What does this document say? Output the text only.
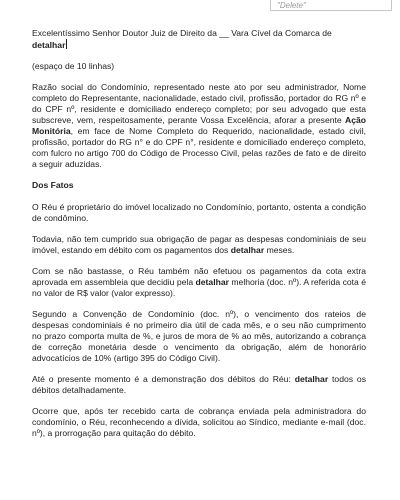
"Delete"

Excelentíssimo Senhor Doutor Juiz de Direito da __ Vara Cível da Comarca de detalhar

(espaço de 10 linhas)

Razão social do Condomínio, representado neste ato por seu administrador, Nome completo do Representante, nacionalidade, estado civil, profissão, portador do RG nº e do CPF nº, residente e domiciliado endereço completo; por seu advogado que esta subscreve, vem, respeitosamente, perante Vossa Excelência, aforar a presente Ação Monitória, em face de Nome Completo do Requerido, nacionalidade, estado civil, profissão, portador do RG n° e do CPF n°, residente e domiciliado endereço completo, com fulcro no artigo 700 do Código de Processo Civil, pelas razões de fato e de direito a seguir aduzidas.

Dos Fatos

O Réu é proprietário do imóvel localizado no Condomínio, portanto, ostenta a condição de condômino.

Todavia, não tem cumprido sua obrigação de pagar as despesas condominiais de seu imóvel, estando em débito com os pagamentos dos detalhar meses.

Com se não bastasse, o Réu também não efetuou os pagamentos da cota extra aprovada em assembleia que decidiu pela detalhar melhoria (doc. nº). A referida cota é no valor de R$ valor (valor expresso).

Segundo a Convenção de Condomínio (doc. nº), o vencimento dos rateios de despesas condominiais é no primeiro dia útil de cada mês, e o seu não cumprimento no prazo comporta multa de %, e juros de mora de % ao mês, autorizando a cobrança de correção monetária desde o vencimento da obrigação, além de honorário advocatícios de 10% (artigo 395 do Código Civil).

Até o presente momento é a demonstração dos débitos do Réu: detalhar todos os débitos detalhadamente.

Ocorre que, após ter recebido carta de cobrança enviada pela administradora do condomínio, o Réu, reconhecendo a dívida, solicitou ao Síndico, mediante e-mail (doc. nº), a prorrogação para quitação do débito.
